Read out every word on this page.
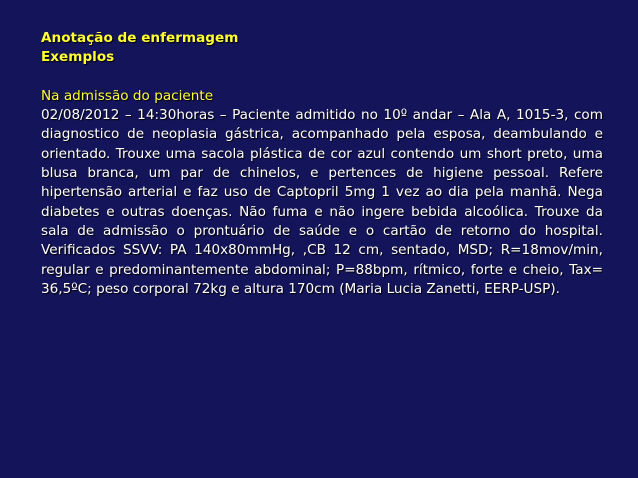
Anotação de enfermagem
Exemplos
Na admissão do paciente

02/08/2012 – 14:30horas – Paciente admitido no 10º andar – Ala A, 1015-3, com diagnostico de neoplasia gástrica, acompanhado pela esposa, deambulando e orientado. Trouxe uma sacola plástica de cor azul contendo um short preto, uma blusa branca, um par de chinelos, e pertences de higiene pessoal. Refere hipertensão arterial e faz uso de Captopril 5mg 1 vez ao dia pela manhã. Nega diabetes e outras doenças. Não fuma e não ingere bebida alcoólica. Trouxe da sala de admissão o prontuário de saúde e o cartão de retorno do hospital. Verificados SSVV: PA 140x80mmHg, ,CB 12 cm, sentado, MSD; R=18mov/min, regular e predominantemente abdominal; P=88bpm, rítmico, forte e cheio, Tax= 36,5ºC; peso corporal 72kg e altura 170cm (Maria Lucia Zanetti, EERP-USP).
